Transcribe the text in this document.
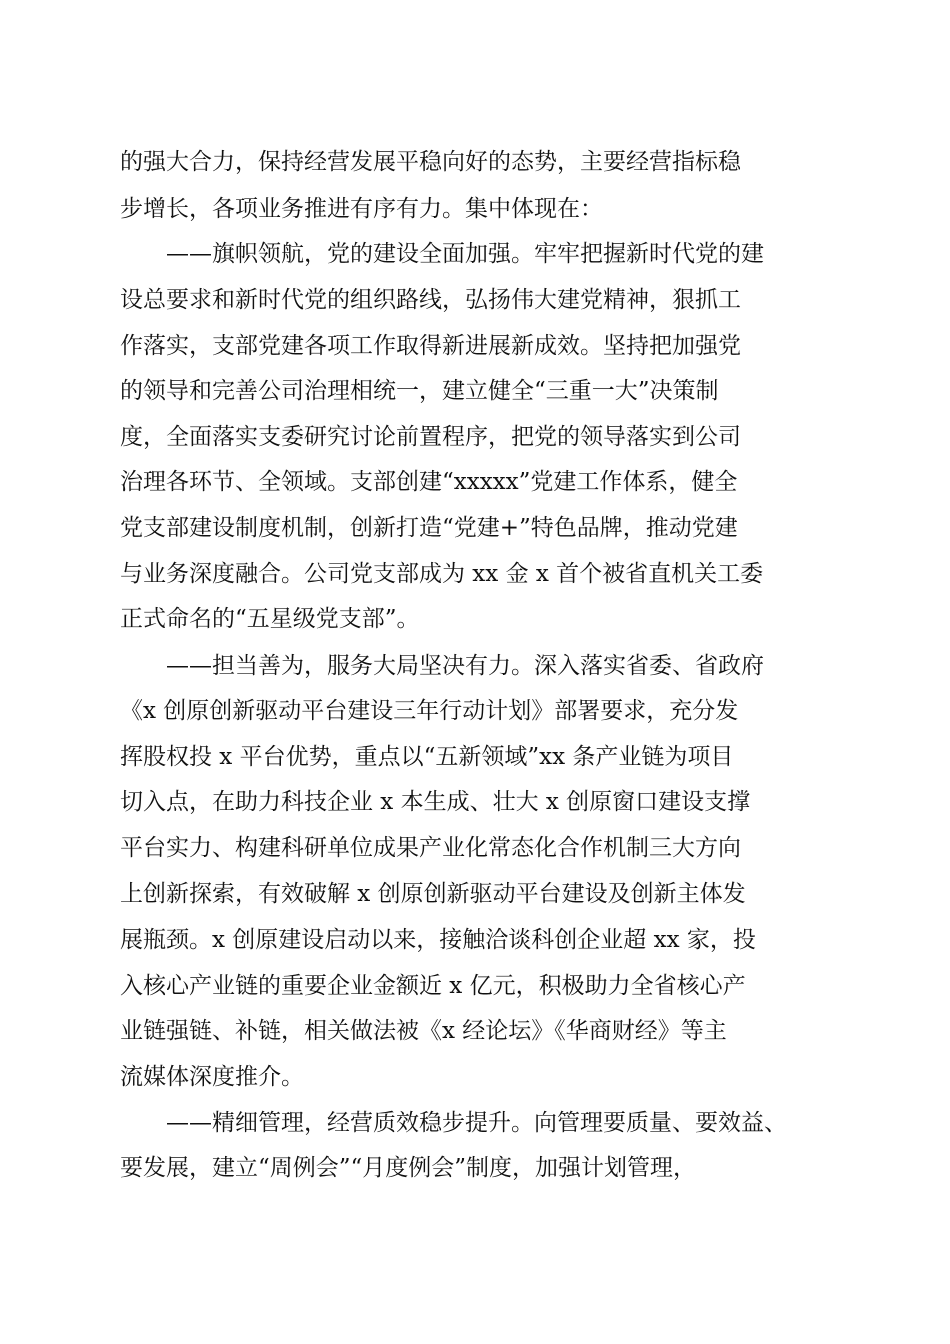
的强大合力，保持经营发展平稳向好的态势，主要经营指标稳
步增长，各项业务推进有序有力。集中体现在：
——旗帜领航，党的建设全面加强。牢牢把握新时代党的建
设总要求和新时代党的组织路线，弘扬伟大建党精神，狠抓工
作落实，支部党建各项工作取得新进展新成效。坚持把加强党
的领导和完善公司治理相统一，建立健全“三重一大”决策制
度，全面落实支委研究讨论前置程序，把党的领导落实到公司
治理各环节、全领域。支部创建“xxxxx”党建工作体系，健全
党支部建设制度机制，创新打造“党建+”特色品牌，推动党建
与业务深度融合。公司党支部成为 xx 金 x 首个被省直机关工委
正式命名的“五星级党支部”。
——担当善为，服务大局坚决有力。深入落实省委、省政府
《x 创原创新驱动平台建设三年行动计划》部署要求，充分发
挥股权投 x 平台优势，重点以“五新领域”xx 条产业链为项目
切入点，在助力科技企业 x 本生成、壮大 x 创原窗口建设支撑
平台实力、构建科研单位成果产业化常态化合作机制三大方向
上创新探索，有效破解 x 创原创新驱动平台建设及创新主体发
展瓶颈。x 创原建设启动以来，接触洽谈科创企业超 xx 家，投
入核心产业链的重要企业金额近 x 亿元，积极助力全省核心产
业链强链、补链，相关做法被《x 经论坛》《华商财经》等主
流媒体深度推介。
——精细管理，经营质效稳步提升。向管理要质量、要效益、
要发展，建立“周例会”“月度例会”制度，加强计划管理，
